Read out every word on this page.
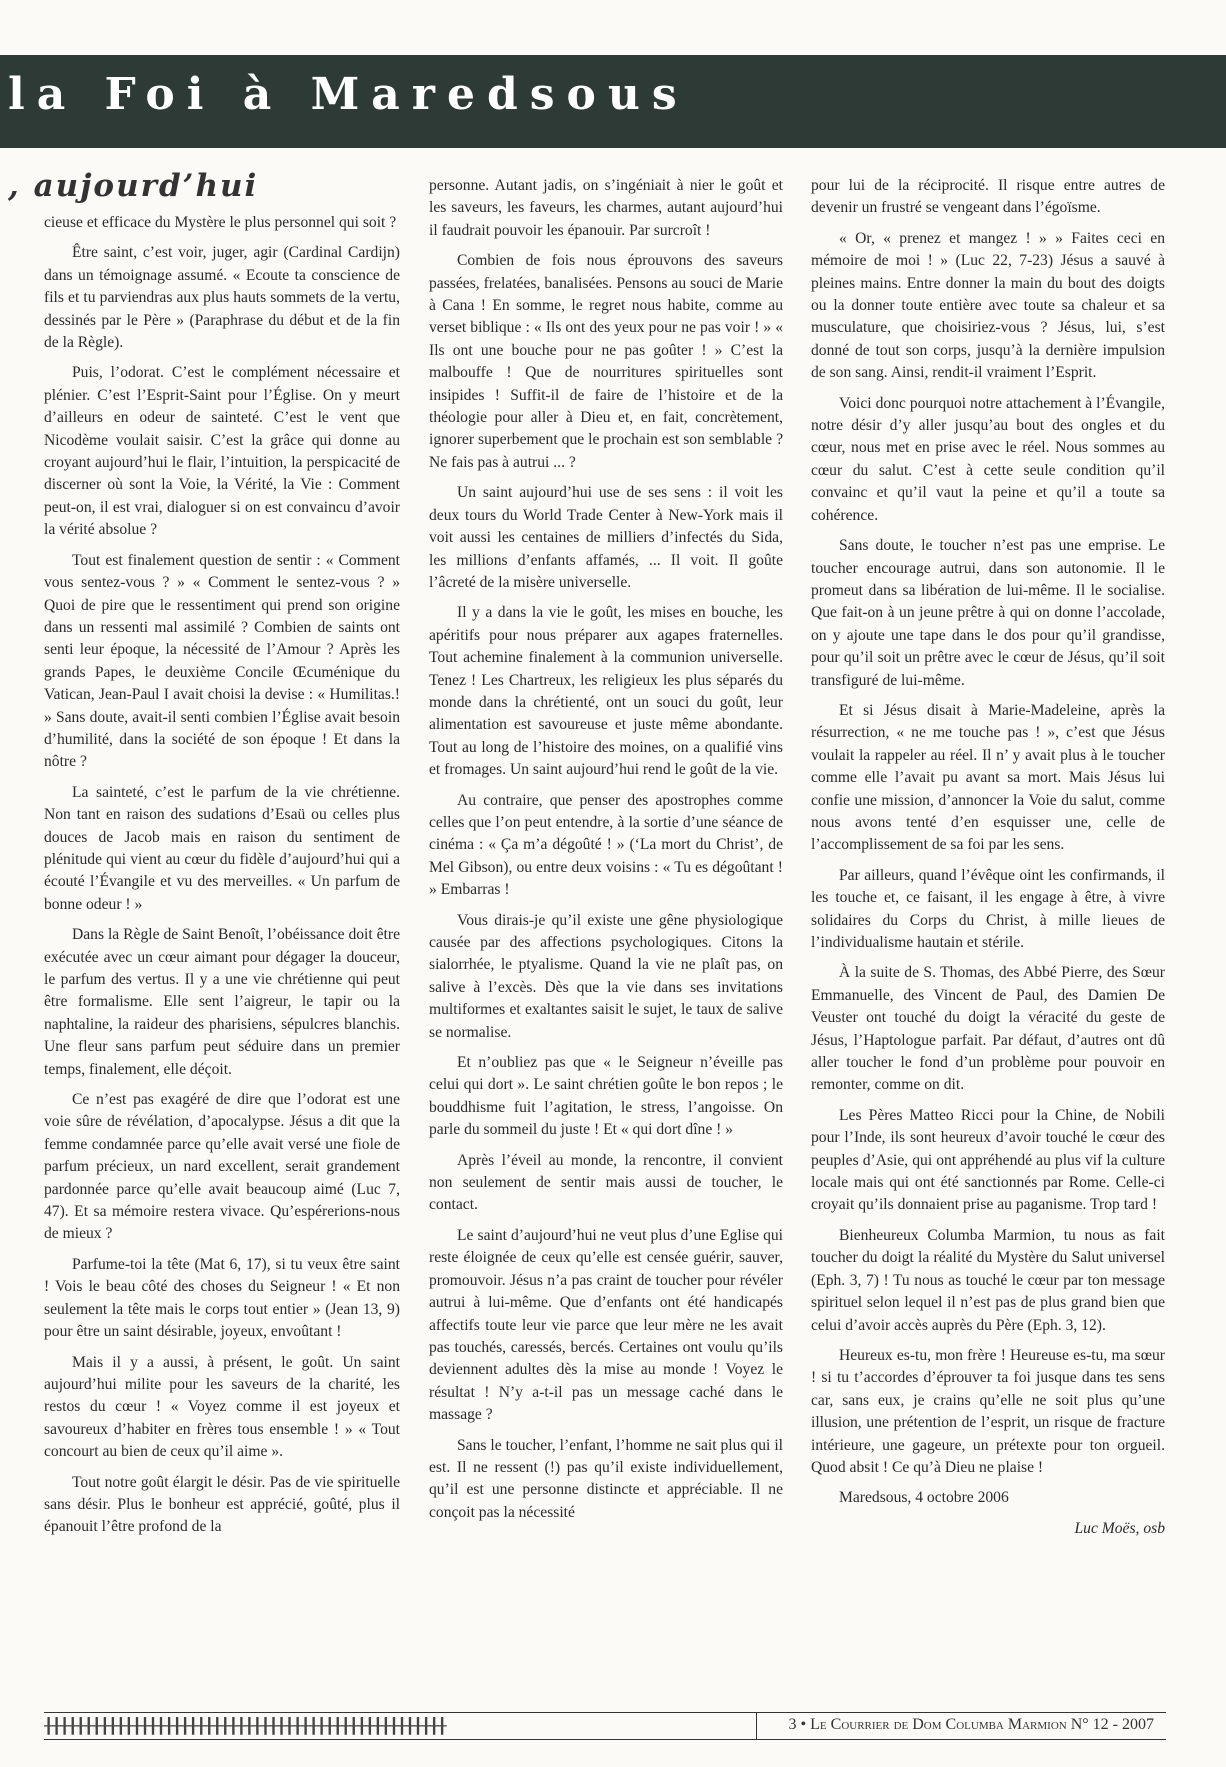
la Foi à Maredsous
, aujourd’hui

cieuse et efficace du Mystère le plus personnel qui soit ?

Être saint, c’est voir, juger, agir (Cardinal Cardijn) dans un témoignage assumé. « Ecoute ta conscience de fils et tu parviendras aux plus hauts sommets de la vertu, dessinés par le Père » (Paraphrase du début et de la fin de la Règle).

Puis, l’odorat. C’est le complément nécessaire et plénier. C’est l’Esprit-Saint pour l’Église. On y meurt d’ailleurs en odeur de sainteté. C’est le vent que Nicodème voulait saisir. C’est la grâce qui donne au croyant aujourd’hui le flair, l’intuition, la perspicacité de discerner où sont la Voie, la Vérité, la Vie : Comment peut-on, il est vrai, dialoguer si on est convaincu d’avoir la vérité absolue ?

Tout est finalement question de sentir : « Comment vous sentez-vous ? » « Comment le sentez-vous ? » Quoi de pire que le ressentiment qui prend son origine dans un ressenti mal assimilé ? Combien de saints ont senti leur époque, la nécessité de l’Amour ? Après les grands Papes, le deuxième Concile Œcuménique du Vatican, Jean-Paul I avait choisi la devise : « Humilitas.! » Sans doute, avait-il senti combien l’Église avait besoin d’humilité, dans la société de son époque ! Et dans la nôtre ?

La sainteté, c’est le parfum de la vie chrétienne. Non tant en raison des sudations d’Esaü ou celles plus douces de Jacob mais en raison du sentiment de plénitude qui vient au cœur du fidèle d’aujourd’hui qui a écouté l’Évangile et vu des merveilles. « Un parfum de bonne odeur ! »

Dans la Règle de Saint Benoît, l’obéissance doit être exécutée avec un cœur aimant pour dégager la douceur, le parfum des vertus. Il y a une vie chrétienne qui peut être formalisme. Elle sent l’aigreur, le tapir ou la naphtaline, la raideur des pharisiens, sépulcres blanchis. Une fleur sans parfum peut séduire dans un premier temps, finalement, elle déçoit.

Ce n’est pas exagéré de dire que l’odorat est une voie sûre de révélation, d’apocalypse. Jésus a dit que la femme condamnée parce qu’elle avait versé une fiole de parfum précieux, un nard excellent, serait grandement pardonnée parce qu’elle avait beaucoup aimé (Luc 7, 47). Et sa mémoire restera vivace. Qu’espérerions-nous de mieux ?

Parfume-toi la tête (Mat 6, 17), si tu veux être saint ! Vois le beau côté des choses du Seigneur ! « Et non seulement la tête mais le corps tout entier » (Jean 13, 9) pour être un saint désirable, joyeux, envoûtant !

Mais il y a aussi, à présent, le goût. Un saint aujourd’hui milite pour les saveurs de la charité, les restos du cœur ! « Voyez comme il est joyeux et savoureux d’habiter en frères tous ensemble ! » « Tout concourt au bien de ceux qu’il aime ».

Tout notre goût élargit le désir. Pas de vie spirituelle sans désir. Plus le bonheur est apprécié, goûté, plus il épanouit l’être profond de la

personne. Autant jadis, on s’ingéniait à nier le goût et les saveurs, les faveurs, les charmes, autant aujourd’hui il faudrait pouvoir les épanouir. Par surcroît !

Combien de fois nous éprouvons des saveurs passées, frelatées, banalisées. Pensons au souci de Marie à Cana ! En somme, le regret nous habite, comme au verset biblique : « Ils ont des yeux pour ne pas voir ! » « Ils ont une bouche pour ne pas goûter ! » C’est la malbouffe ! Que de nourritures spirituelles sont insipides ! Suffit-il de faire de l’histoire et de la théologie pour aller à Dieu et, en fait, concrètement, ignorer superbement que le prochain est son semblable ? Ne fais pas à autrui ... ?

Un saint aujourd’hui use de ses sens : il voit les deux tours du World Trade Center à New-York mais il voit aussi les centaines de milliers d’infectés du Sida, les millions d’enfants affamés, ... Il voit. Il goûte l’âcreté de la misère universelle.

Il y a dans la vie le goût, les mises en bouche, les apéritifs pour nous préparer aux agapes fraternelles. Tout achemine finalement à la communion universelle. Tenez ! Les Chartreux, les religieux les plus séparés du monde dans la chrétienté, ont un souci du goût, leur alimentation est savoureuse et juste même abondante. Tout au long de l’histoire des moines, on a qualifié vins et fromages. Un saint aujourd’hui rend le goût de la vie.

Au contraire, que penser des apostrophes comme celles que l’on peut entendre, à la sortie d’une séance de cinéma : « Ça m’a dégoûté ! » (‘La mort du Christ’, de Mel Gibson), ou entre deux voisins : « Tu es dégoûtant ! » Embarras !

Vous dirais-je qu’il existe une gêne physiologique causée par des affections psychologiques. Citons la sialorrhée, le ptyalisme. Quand la vie ne plaît pas, on salive à l’excès. Dès que la vie dans ses invitations multiformes et exaltantes saisit le sujet, le taux de salive se normalise.

Et n’oubliez pas que « le Seigneur n’éveille pas celui qui dort ». Le saint chrétien goûte le bon repos ; le bouddhisme fuit l’agitation, le stress, l’angoisse. On parle du sommeil du juste ! Et « qui dort dîne ! »

Après l’éveil au monde, la rencontre, il convient non seulement de sentir mais aussi de toucher, le contact.

Le saint d’aujourd’hui ne veut plus d’une Eglise qui reste éloignée de ceux qu’elle est censée guérir, sauver, promouvoir. Jésus n’a pas craint de toucher pour révéler autrui à lui-même. Que d’enfants ont été handicapés affectifs toute leur vie parce que leur mère ne les avait pas touchés, caressés, bercés. Certaines ont voulu qu’ils deviennent adultes dès la mise au monde ! Voyez le résultat ! N’y a-t-il pas un message caché dans le massage ?

Sans le toucher, l’enfant, l’homme ne sait plus qui il est. Il ne ressent (!) pas qu’il existe individuellement, qu’il est une personne distincte et appréciable. Il ne conçoit pas la nécessité

pour lui de la réciprocité. Il risque entre autres de devenir un frustré se vengeant dans l’égoïsme.

« Or, « prenez et mangez ! » » Faites ceci en mémoire de moi ! » (Luc 22, 7-23) Jésus a sauvé à pleines mains. Entre donner la main du bout des doigts ou la donner toute entière avec toute sa chaleur et sa musculature, que choisiriez-vous ? Jésus, lui, s’est donné de tout son corps, jusqu’à la dernière impulsion de son sang. Ainsi, rendit-il vraiment l’Esprit.

Voici donc pourquoi notre attachement à l’Évangile, notre désir d’y aller jusqu’au bout des ongles et du cœur, nous met en prise avec le réel. Nous sommes au cœur du salut. C’est à cette seule condition qu’il convainc et qu’il vaut la peine et qu’il a toute sa cohérence.

Sans doute, le toucher n’est pas une emprise. Le toucher encourage autrui, dans son autonomie. Il le promeut dans sa libération de lui-même. Il le socialise. Que fait-on à un jeune prêtre à qui on donne l’accolade, on y ajoute une tape dans le dos pour qu’il grandisse, pour qu’il soit un prêtre avec le cœur de Jésus, qu’il soit transfiguré de lui-même.

Et si Jésus disait à Marie-Madeleine, après la résurrection, « ne me touche pas ! », c’est que Jésus voulait la rappeler au réel. Il n’ y avait plus à le toucher comme elle l’avait pu avant sa mort. Mais Jésus lui confie une mission, d’annoncer la Voie du salut, comme nous avons tenté d’en esquisser une, celle de l’accomplissement de sa foi par les sens.

Par ailleurs, quand l’évêque oint les confirmands, il les touche et, ce faisant, il les engage à être, à vivre solidaires du Corps du Christ, à mille lieues de l’individualisme hautain et stérile.

À la suite de S. Thomas, des Abbé Pierre, des Sœur Emmanuelle, des Vincent de Paul, des Damien De Veuster ont touché du doigt la véracité du geste de Jésus, l’Haptologue parfait. Par défaut, d’autres ont dû aller toucher le fond d’un problème pour pouvoir en remonter, comme on dit.

Les Pères Matteo Ricci pour la Chine, de Nobili pour l’Inde, ils sont heureux d’avoir touché le cœur des peuples d’Asie, qui ont appréhendé au plus vif la culture locale mais qui ont été sanctionnés par Rome. Celle-ci croyait qu’ils donnaient prise au paganisme. Trop tard !

Bienheureux Columba Marmion, tu nous as fait toucher du doigt la réalité du Mystère du Salut universel (Eph. 3, 7) ! Tu nous as touché le cœur par ton message spirituel selon lequel il n’est pas de plus grand bien que celui d’avoir accès auprès du Père (Eph. 3, 12).

Heureux es-tu, mon frère ! Heureuse es-tu, ma sœur ! si tu t’accordes d’éprouver ta foi jusque dans tes sens car, sans eux, je crains qu’elle ne soit plus qu’une illusion, une prétention de l’esprit, un risque de fracture intérieure, une gageure, un prétexte pour ton orgueil. Quod absit ! Ce qu’à Dieu ne plaise !

Maredsous, 4 octobre 2006

Luc Moës, osb
╂╂╂╂╂╂╂╂╂╂╂╂╂╂╂╂╂╂╂╂╂╂╂╂╂╂╂╂╂╂╂╂╂╂╂╂╂╂╂╂╂╂╂╂╂╂╂╂╂╂	3 • Le Courrier de Dom Columba Marmion N° 12 - 2007
